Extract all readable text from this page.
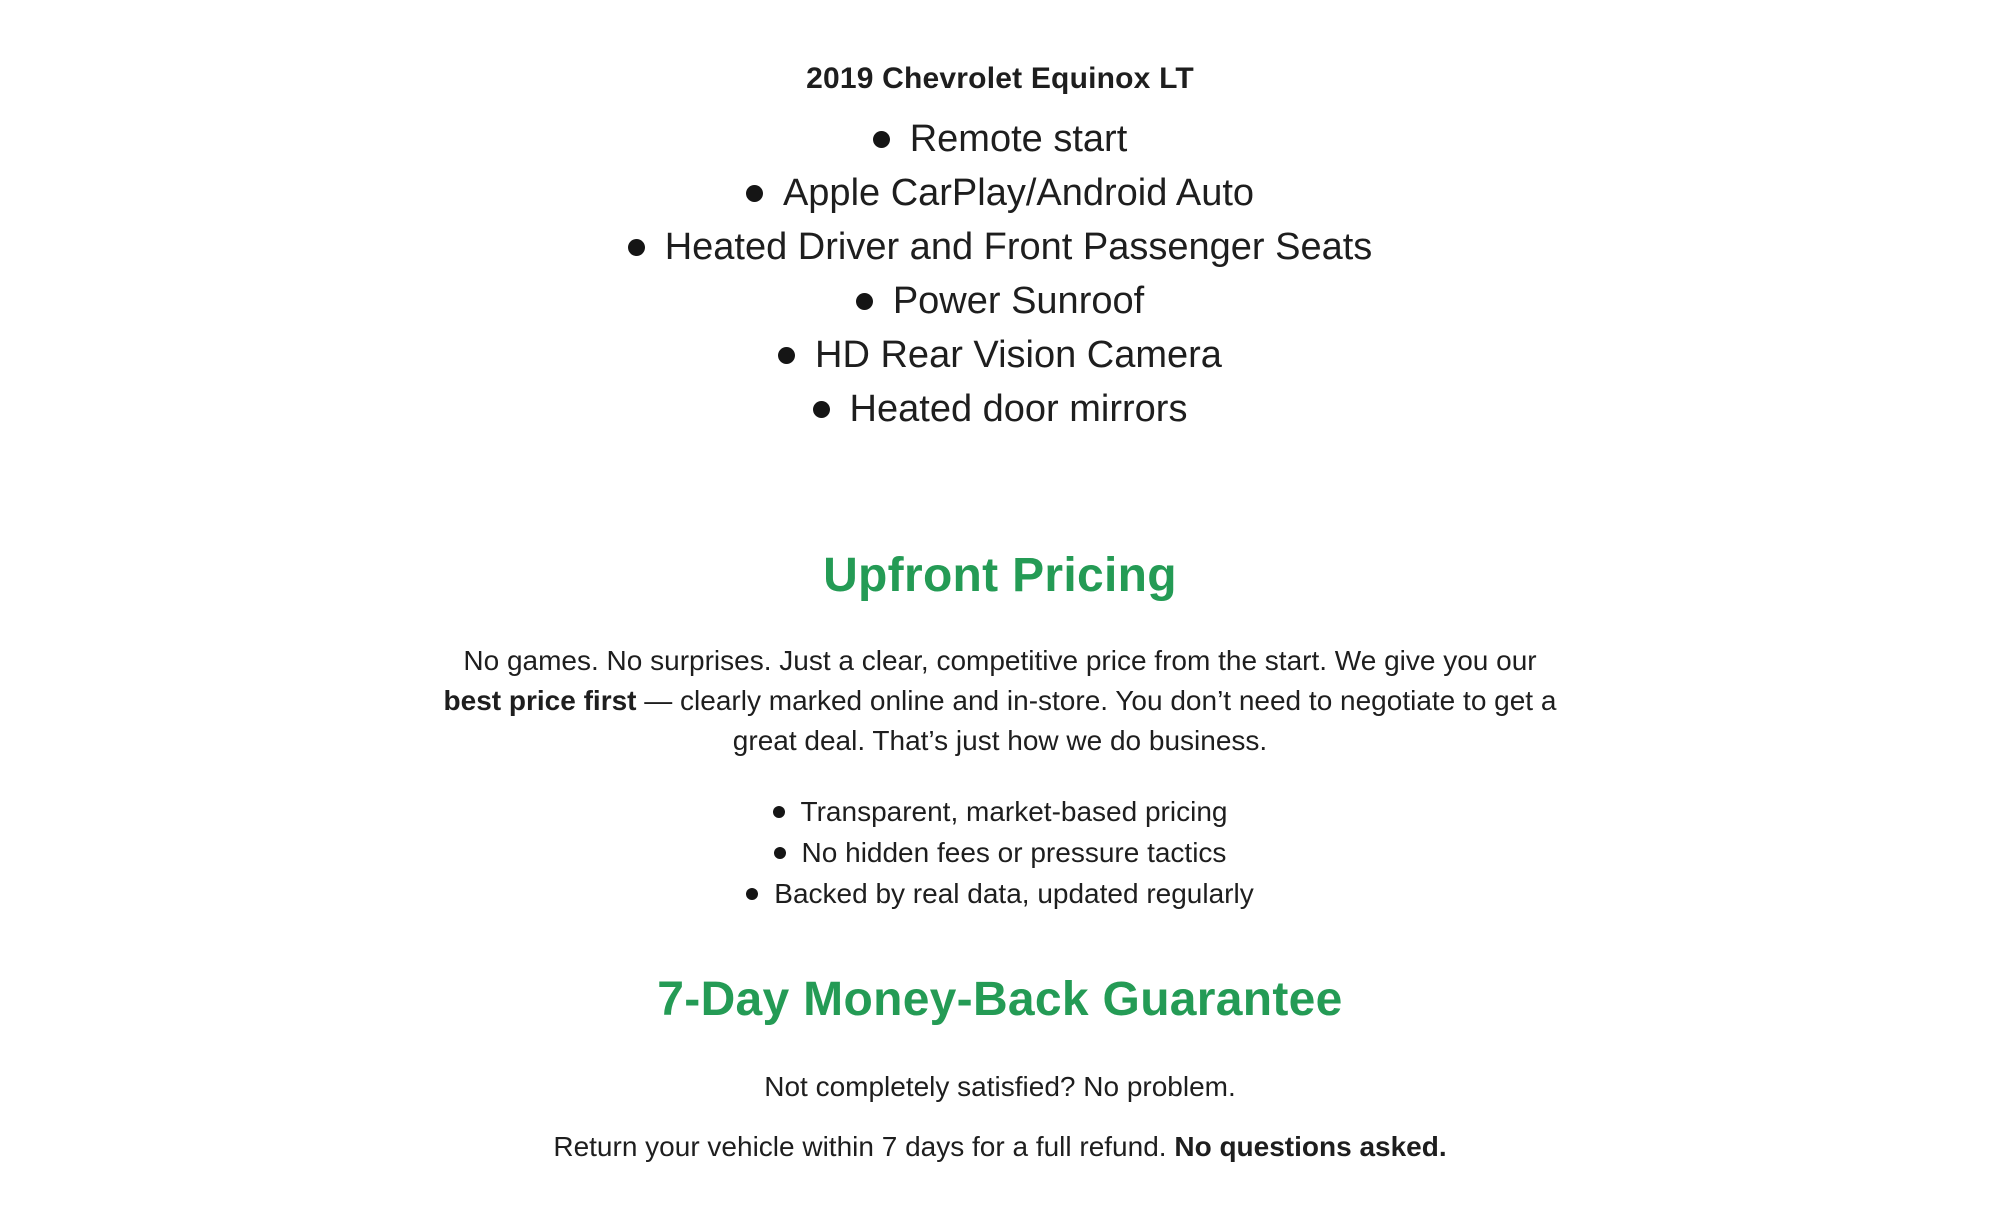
2019 Chevrolet Equinox LT
Remote start
Apple CarPlay/Android Auto
Heated Driver and Front Passenger Seats
Power Sunroof
HD Rear Vision Camera
Heated door mirrors
Upfront Pricing

No games. No surprises. Just a clear, competitive price from the start. We give you our best price first — clearly marked online and in-store. You don’t need to negotiate to get a great deal. That’s just how we do business.

Transparent, market-based pricing
No hidden fees or pressure tactics
Backed by real data, updated regularly
7-Day Money-Back Guarantee

Not completely satisfied? No problem.

Return your vehicle within 7 days for a full refund. No questions asked.
